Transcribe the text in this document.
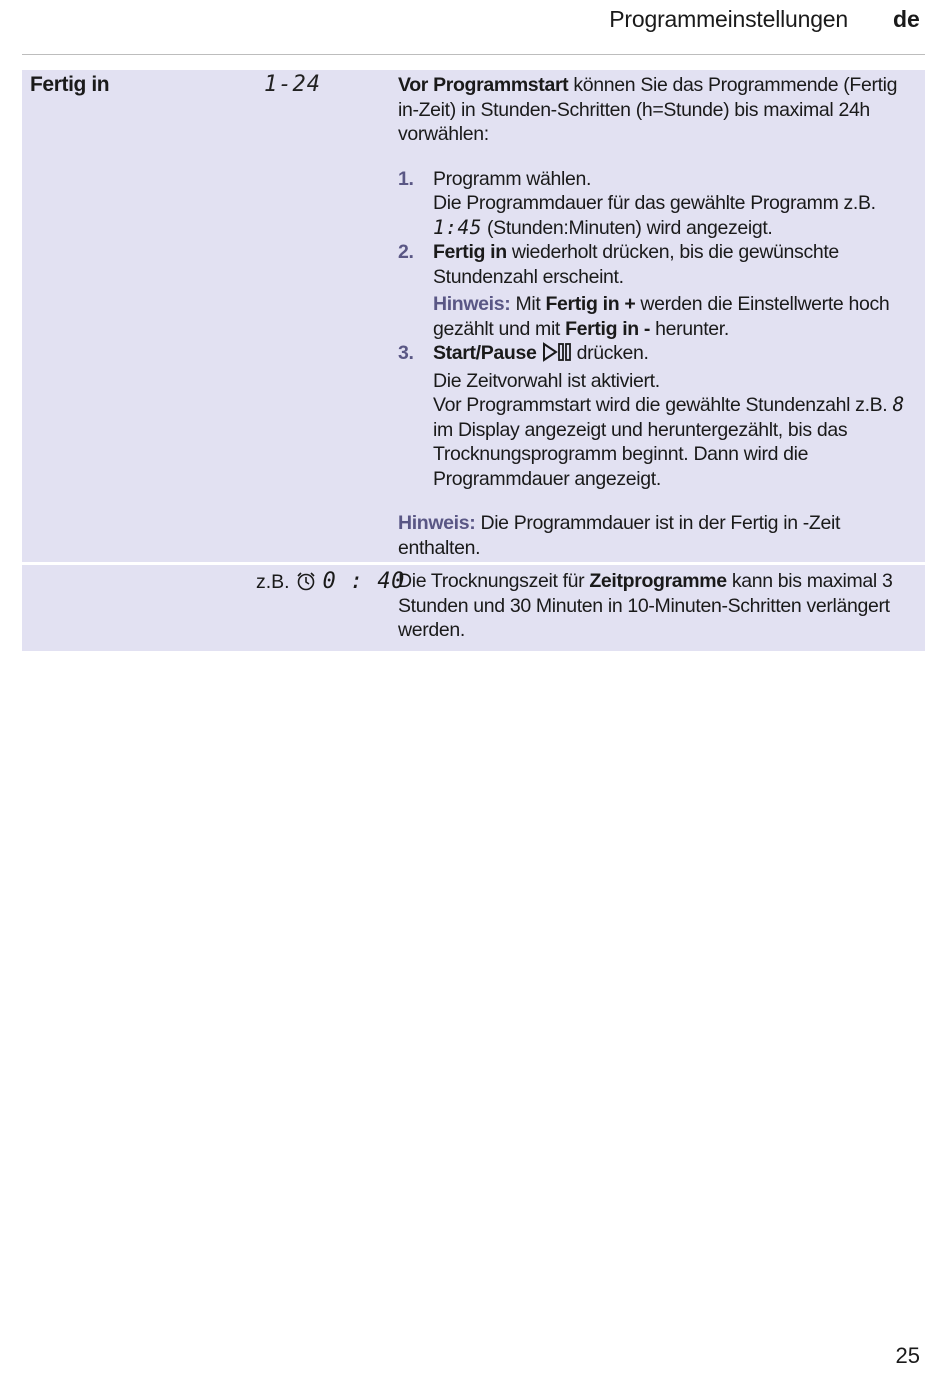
Programmeinstellungen de
Fertig in	1-24	Vor Programmstart können Sie das Programmende (Fertig in-Zeit) in Stunden-Schritten (h=Stunde) bis maximal 24h vorwählen:

1. Programm wählen.
Die Programmdauer für das gewählte Programm z.B. 1:45 (Stunden:Minuten) wird angezeigt.
2. Fertig in wiederholt drücken, bis die gewünschte Stundenzahl erscheint.
Hinweis: Mit Fertig in + werden die Einstellwerte hoch gezählt und mit Fertig in - herunter.
3. Start/Pause  drücken.
Die Zeitvorwahl ist aktiviert.
Vor Programmstart wird die gewählte Stundenzahl z.B. 8 im Display angezeigt und heruntergezählt, bis das Trocknungsprogramm beginnt. Dann wird die Programmdauer angezeigt.

Hinweis: Die Programmdauer ist in der Fertig in -Zeit enthalten.

z.B. 0 : 40

Die Trocknungszeit für Zeitprogramme kann bis maximal 3 Stunden und 30 Minuten in 10-Minuten-Schritten verlängert werden.

25
